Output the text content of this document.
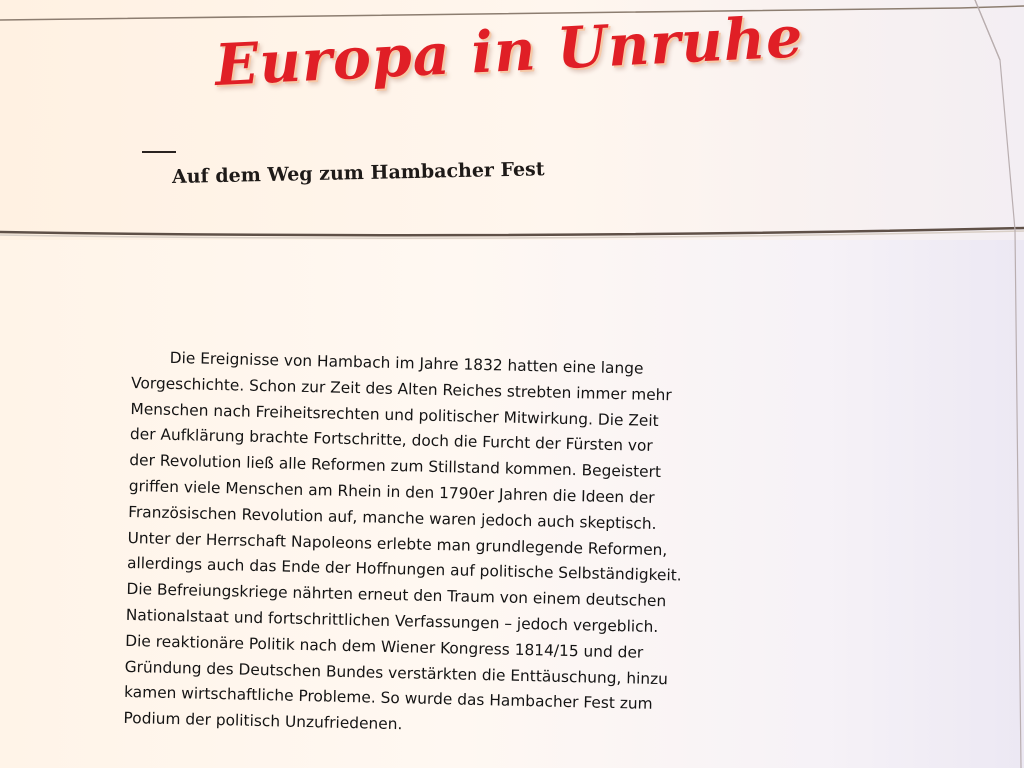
Europa in Unruhe
Auf dem Weg zum Hambacher Fest
Die Ereignisse von Hambach im Jahre 1832 hatten eine lange
Vorgeschichte. Schon zur Zeit des Alten Reiches strebten immer mehr
Menschen nach Freiheitsrechten und politischer Mitwirkung. Die Zeit
der Aufklärung brachte Fortschritte, doch die Furcht der Fürsten vor
der Revolution ließ alle Reformen zum Stillstand kommen. Begeistert
griffen viele Menschen am Rhein in den 1790er Jahren die Ideen der
Französischen Revolution auf, manche waren jedoch auch skeptisch.
Unter der Herrschaft Napoleons erlebte man grundlegende Reformen,
allerdings auch das Ende der Hoffnungen auf politische Selbständigkeit.
Die Befreiungskriege nährten erneut den Traum von einem deutschen
Nationalstaat und fortschrittlichen Verfassungen – jedoch vergeblich.
Die reaktionäre Politik nach dem Wiener Kongress 1814/15 und der
Gründung des Deutschen Bundes verstärkten die Enttäuschung, hinzu
kamen wirtschaftliche Probleme. So wurde das Hambacher Fest zum
Podium der politisch Unzufriedenen.
